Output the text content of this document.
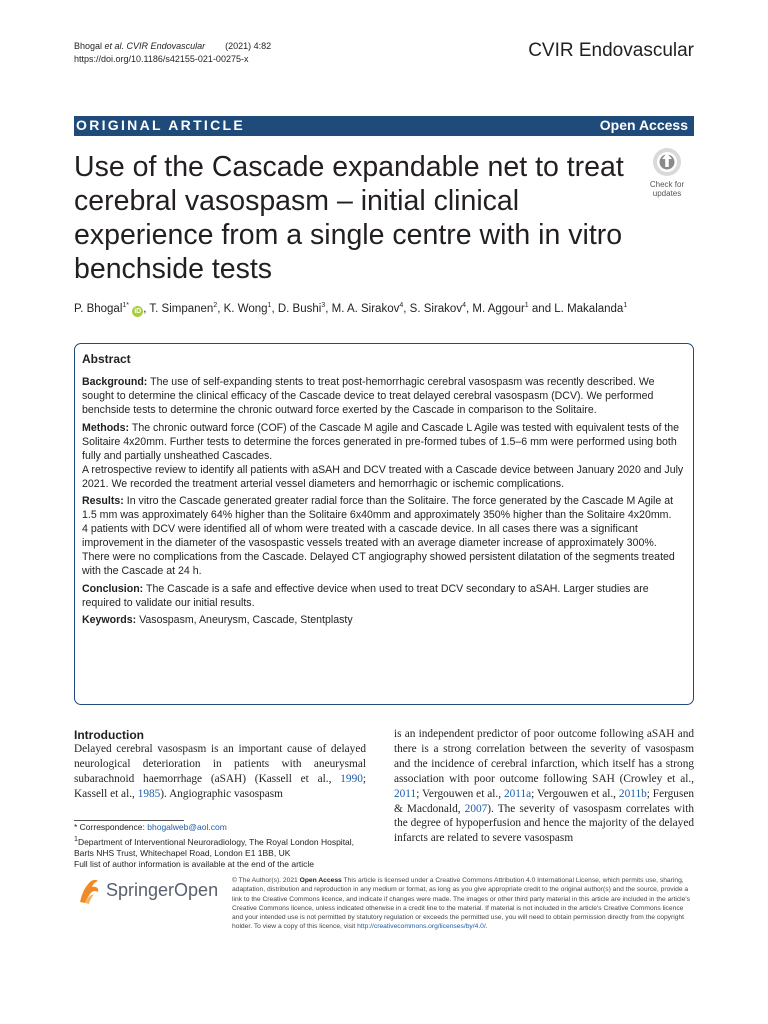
Bhogal et al. CVIR Endovascular (2021) 4:82
https://doi.org/10.1186/s42155-021-00275-x	CVIR Endovascular
ORIGINAL ARTICLE	Open Access
Use of the Cascade expandable net to treat cerebral vasospasm – initial clinical experience from a single centre with in vitro benchside tests
Check for
updates
P. Bhogal$^{1*}$ iD , T. Simpanen$^2$, K. Wong$^1$, D. Bushi$^3$, M. A. Sirakov$^4$, S. Sirakov$^4$, M. Aggour$^1$ and L. Makalanda$^1$
Abstract

Background: The use of self-expanding stents to treat post-hemorrhagic cerebral vasospasm was recently described. We sought to determine the clinical efficacy of the Cascade device to treat delayed cerebral vasospasm (DCV). We performed benchside tests to determine the chronic outward force exerted by the Cascade in comparison to the Solitaire.

Methods: The chronic outward force (COF) of the Cascade M agile and Cascade L Agile was tested with equivalent tests of the Solitaire 4x20mm. Further tests to determine the forces generated in pre-formed tubes of 1.5–6 mm were performed using both fully and partially unsheathed Cascades.
A retrospective review to identify all patients with aSAH and DCV treated with a Cascade device between January 2020 and July 2021. We recorded the treatment arterial vessel diameters and hemorrhagic or ischemic complications.

Results: In vitro the Cascade generated greater radial force than the Solitaire. The force generated by the Cascade M Agile at 1.5 mm was approximately 64% higher than the Solitaire 6x40mm and approximately 350% higher than the Solitaire 4x20mm.
4 patients with DCV were identified all of whom were treated with a cascade device. In all cases there was a significant improvement in the diameter of the vasospastic vessels treated with an average diameter increase of approximately 300%. There were no complications from the Cascade. Delayed CT angiography showed persistent dilatation of the segments treated with the Cascade at 24 h.

Conclusion: The Cascade is a safe and effective device when used to treat DCV secondary to aSAH. Larger studies are required to validate our initial results.

Keywords: Vasospasm, Aneurysm, Cascade, Stentplasty

Introduction
Delayed cerebral vasospasm is an important cause of delayed neurological deterioration in patients with aneurysmal subarachnoid haemorrhage (aSAH) (Kassell et al., 1990; Kassell et al., 1985). Angiographic vasospasm
is an independent predictor of poor outcome following aSAH and there is a strong correlation between the severity of vasospasm and the incidence of cerebral infarction, which itself has a strong association with poor outcome following SAH (Crowley et al., 2011; Vergouwen et al., 2011a; Vergouwen et al., 2011b; Fergusen & Macdonald, 2007). The severity of vasospasm correlates with the degree of hypoperfusion and hence the majority of the delayed infarcts are related to severe vasospasm
* Correspondence: bhogalweb@aol.com
$^1$Department of Interventional Neuroradiology, The Royal London Hospital, Barts NHS Trust, Whitechapel Road, London E1 1BB, UK
Full list of author information is available at the end of the article
SpringerOpen © The Author(s). 2021 Open Access This article is licensed under a Creative Commons Attribution 4.0 International License, which permits use, sharing, adaptation, distribution and reproduction in any medium or format, as long as you give appropriate credit to the original author(s) and the source, provide a link to the Creative Commons licence, and indicate if changes were made. The images or other third party material in this article are included in the article's Creative Commons licence, unless indicated otherwise in a credit line to the material. If material is not included in the article's Creative Commons licence and your intended use is not permitted by statutory regulation or exceeds the permitted use, you will need to obtain permission directly from the copyright holder. To view a copy of this licence, visit http://creativecommons.org/licenses/by/4.0/.
